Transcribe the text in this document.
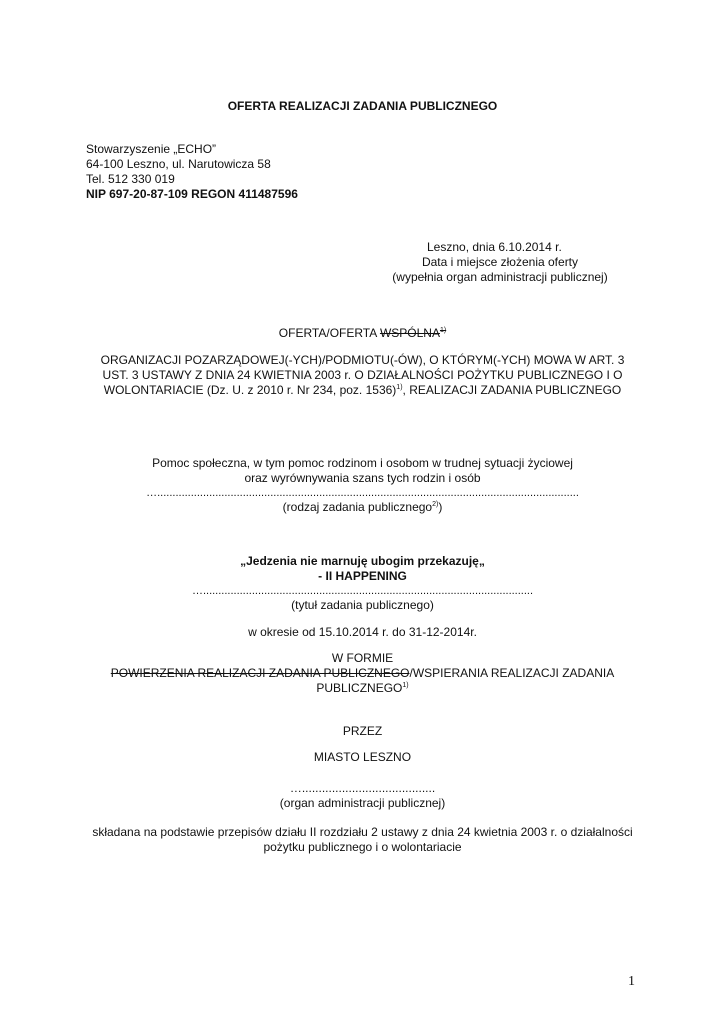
OFERTA REALIZACJI ZADANIA PUBLICZNEGO
Stowarzyszenie „ECHO”
64-100 Leszno, ul. Narutowicza 58
Tel. 512 330 019
NIP 697-20-87-109 REGON 411487596
Leszno, dnia 6.10.2014 r.
Data i miejsce złożenia oferty
(wypełnia organ administracji publicznej)
OFERTA/OFERTA WSPÓLNA$^{1)}$
ORGANIZACJI POZARZĄDOWEJ(-YCH)/PODMIOTU(-ÓW), O KTÓRYM(-YCH) MOWA W ART. 3
UST. 3 USTAWY Z DNIA 24 KWIETNIA 2003 r. O DZIAŁALNOŚCI POŻYTKU PUBLICZNEGO I O
WOLONTARIACIE (Dz. U. z 2010 r. Nr 234, poz. 1536)$^{1)}$, REALIZACJI ZADANIA PUBLICZNEGO
Pomoc społeczna, w tym pomoc rodzinom i osobom w trudnej sytuacji życiowej
oraz wyrównywania szans tych rodzin i osób
…..........................................................................................................................................
(rodzaj zadania publicznego$^{2)}$)
„Jedzenia nie marnuję ubogim przekazuję„
- II HAPPENING
…............................................................................................................
(tytuł zadania publicznego)
w okresie od 15.10.2014 r. do 31-12-2014r.
W FORMIE
POWIERZENIA REALIZACJI ZADANIA PUBLICZNEGO/WSPIERANIA REALIZACJI ZADANIA
PUBLICZNEGO$^{1)}$
PRZEZ
MIASTO LESZNO
…........................................
(organ administracji publicznej)
składana na podstawie przepisów działu II rozdziału 2 ustawy z dnia 24 kwietnia 2003 r. o działalności
pożytku publicznego i o wolontariacie
1
